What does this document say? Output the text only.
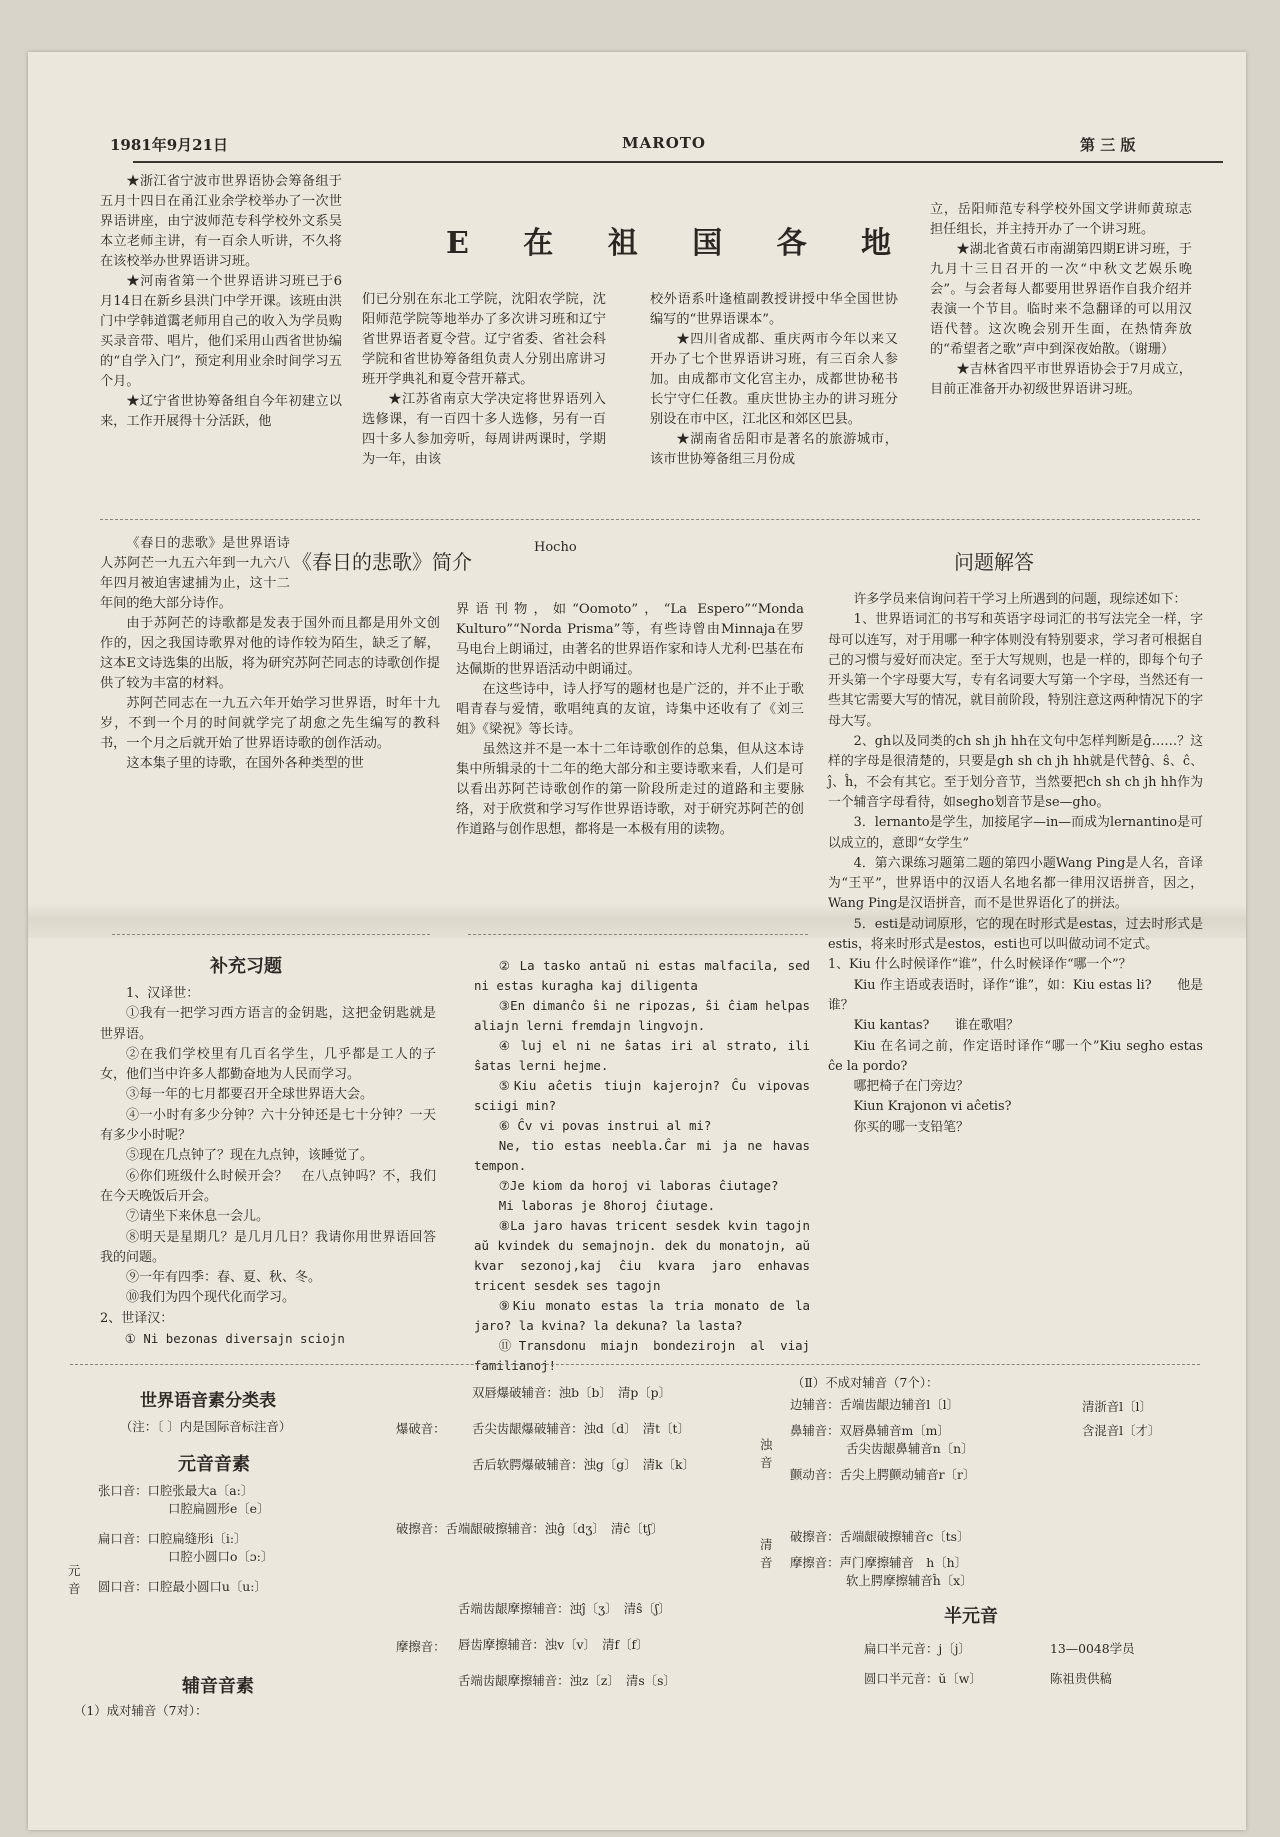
1981年9月21日	MAROTO	第 三 版
E 在 祖 国 各 地

★浙江省宁波市世界语协会筹备组于五月十四日在甬江业余学校举办了一次世界语讲座，由宁波师范专科学校外文系吴本立老师主讲，有一百余人听讲，不久将在该校举办世界语讲习班。

★河南省第一个世界语讲习班已于6月14日在新乡县洪门中学开课。该班由洪门中学韩道霭老师用自己的收入为学员购买录音带、唱片，他们采用山西省世协编的“自学入门”，预定利用业余时间学习五个月。

★辽宁省世协筹备组自今年初建立以来，工作开展得十分活跃，他

们已分别在东北工学院，沈阳农学院，沈阳师范学院等地举办了多次讲习班和辽宁省世界语者夏令营。辽宁省委、省社会科学院和省世协筹备组负责人分别出席讲习班开学典礼和夏令营开幕式。

★江苏省南京大学决定将世界语列入选修课，有一百四十多人选修，另有一百四十多人参加旁听，每周讲两课时，学期为一年，由该

校外语系叶逢植副教授讲授中华全国世协编写的“世界语课本”。

★四川省成都、重庆两市今年以来又开办了七个世界语讲习班，有三百余人参加。由成都市文化宫主办，成都世协秘书长宁守仁任教。重庆世协主办的讲习班分别设在市中区，江北区和郊区巴县。

★湖南省岳阳市是著名的旅游城市，该市世协筹备组三月份成

立，岳阳师范专科学校外国文学讲师黄琼志担任组长，并主持开办了一个讲习班。

★湖北省黄石市南湖第四期E讲习班，于九月十三日召开的一次“中秋文艺娱乐晚会”。与会者每人都要用世界语作自我介绍并表演一个节目。临时来不急翻译的可以用汉语代替。这次晚会别开生面，在热情奔放的“希望者之歌”声中到深夜始散。（谢珊）

★吉林省四平市世界语协会于7月成立，目前正准备开办初级世界语讲习班。

《春日的悲歌》简介
Hocho

《春日的悲歌》是世界语诗人苏阿芒一九五六年到一九六八年四月被迫害逮捕为止，这十二年间的绝大部分诗作。

由于苏阿芒的诗歌都是发表于国外而且都是用外文创作的，因之我国诗歌界对他的诗作较为陌生，缺乏了解，这本E文诗选集的出版，将为研究苏阿芒同志的诗歌创作提供了较为丰富的材料。

苏阿芒同志在一九五六年开始学习世界语，时年十九岁，不到一个月的时间就学完了胡愈之先生编写的教科书，一个月之后就开始了世界语诗歌的创作活动。

这本集子里的诗歌，在国外各种类型的世

界语刊物，如“Oomoto”，“La Espero”“Monda Kulturo”“Norda Prisma”等，有些诗曾由Minnaja在罗马电台上朗诵过，由著名的世界语作家和诗人尤利·巴基在布达佩斯的世界语活动中朗诵过。

在这些诗中，诗人抒写的题材也是广泛的，并不止于歌唱青春与爱情，歌唱纯真的友谊，诗集中还收有了《刘三姐》《梁祝》等长诗。

虽然这并不是一本十二年诗歌创作的总集，但从这本诗集中所辑录的十二年的绝大部分和主要诗歌来看，人们是可以看出苏阿芒诗歌创作的第一阶段所走过的道路和主要脉络，对于欣赏和学习写作世界语诗歌，对于研究苏阿芒的创作道路与创作思想，都将是一本极有用的读物。

问题解答

许多学员来信询问若干学习上所遇到的问题，现综述如下：

1、世界语词汇的书写和英语字母词汇的书写法完全一样，字母可以连写，对于用哪一种字体则没有特别要求，学习者可根据自己的习惯与爱好而决定。至于大写规则，也是一样的，即每个句子开头第一个字母要大写，专有名词要大写第一个字母，当然还有一些其它需要大写的情况，就目前阶段，特别注意这两种情况下的字母大写。

2、gh以及同类的ch sh jh hh在文句中怎样判断是ĝ……？这样的字母是很清楚的，只要是gh sh ch jh hh就是代替ĝ、ŝ、ĉ、ĵ、ĥ，不会有其它。至于划分音节，当然要把ch sh ch jh hh作为一个辅音字母看待，如segho划音节是se—gho。

3．lernanto是学生，加接尾字—in—而成为lernantino是可以成立的，意即“女学生”

4．第六课练习题第二题的第四小题Wang Ping是人名，音译为“王平”，世界语中的汉语人名地名都一律用汉语拼音，因之，Wang Ping是汉语拼音，而不是世界语化了的拼法。

5．esti是动词原形，它的现在时形式是estas，过去时形式是estis，将来时形式是estos，esti也可以叫做动词不定式。

1、Kiu 什么时候译作“谁”，什么时候译作“哪一个”？

Kiu 作主语或表语时，译作“谁”，如：Kiu estas li?　　他是谁？

Kiu kantas?　　谁在歌唱？

Kiu 在名词之前，作定语时译作“哪一个”Kiu segho estas ĉe la pordo?

哪把椅子在门旁边？

Kiun Krajonon vi aĉetis?

你买的哪一支铅笔？

补充习题

1、汉译世：

①我有一把学习西方语言的金钥匙，这把金钥匙就是世界语。

②在我们学校里有几百名学生，几乎都是工人的子女，他们当中许多人都勤奋地为人民而学习。

③每一年的七月都要召开全球世界语大会。

④一小时有多少分钟？六十分钟还是七十分钟？一天有多少小时呢？

⑤现在几点钟了？现在九点钟，该睡觉了。

⑥你们班级什么时候开会？　在八点钟吗？不，我们在今天晚饭后开会。

⑦请坐下来休息一会儿。

⑧明天是星期几？是几月几日？我请你用世界语回答我的问题。

⑨一年有四季：春、夏、秋、冬。

⑩我们为四个现代化而学习。

2、世译汉：

① Ni bezonas diversajn sciojn

② La tasko antaŭ ni estas malfacila, sed ni estas kuragha kaj diligenta

③En dimanĉo ŝi ne ripozas, ŝi ĉiam helpas aliajn lerni fremdajn lingvojn.

④ luj el ni ne ŝatas iri al strato, ili ŝatas lerni hejme.

⑤Kiu aĉetis tiujn kajerojn? Ĉu vipovas sciigi min?

⑥ Ĉv vi povas instrui al mi?

Ne, tio estas neebla.Ĉar mi ja ne havas tempon.

⑦Je kiom da horoj vi laboras ĉiutage?

Mi laboras je 8horoj ĉiutage.

⑧La jaro havas tricent sesdek kvin tagojn aŭ kvindek du semajnojn. dek du monatojn, aŭ kvar sezonoj,kaj ĉiu kvara jaro enhavas tricent sesdek ses tagojn

⑨Kiu monato estas la tria monato de la jaro? la kvina? la dekuna? la lasta?

⑪Transdonu miajn bondezirojn al viaj familianoj!

世界语音素分类表
（注：〔 〕内是国际音标注音）
元音音素
元音
张口音：口腔张最大a〔a:〕
口腔扁圆形e〔e〕
扁口音：口腔扁缝形i〔i:〕
口腔小圆口o〔ɔ:〕
圆口音：口腔最小圆口u〔u:〕
辅音音素
（1）成对辅音（7对）：
爆破音：
双唇爆破辅音：浊b〔b〕　清p〔p〕
舌尖齿龈爆破辅音：浊d〔d〕　清t〔t〕
舌后软腭爆破辅音：浊g〔g〕　清k〔k〕
破擦音：舌端龈破擦辅音：浊ĝ〔dʒ〕　清ĉ〔tʃ〕
摩擦音：
舌端齿龈摩擦辅音：浊ĵ〔ʒ〕　清ŝ〔ʃ〕
唇齿摩擦辅音：浊v〔v〕　清f〔f〕
舌端齿龈摩擦辅音：浊z〔z〕　清s〔s〕
（Ⅱ）不成对辅音（7个）：
浊音
边辅音：舌端齿龈边辅音l〔l〕
鼻辅音：双唇鼻辅音m〔m〕
舌尖齿龈鼻辅音n〔n〕
颤动音：舌尖上腭颤动辅音r〔r〕
清音
破擦音：舌端龈破擦辅音c〔ts〕
摩擦音：声门摩擦辅音　h〔h〕
软上腭摩擦辅音ĥ〔x〕
清浙音l〔l〕
含混音l〔才〕
半元音
扁口半元音：j〔j〕
圆口半元音：ŭ〔w〕
13—0048学员
陈祖贵供稿
